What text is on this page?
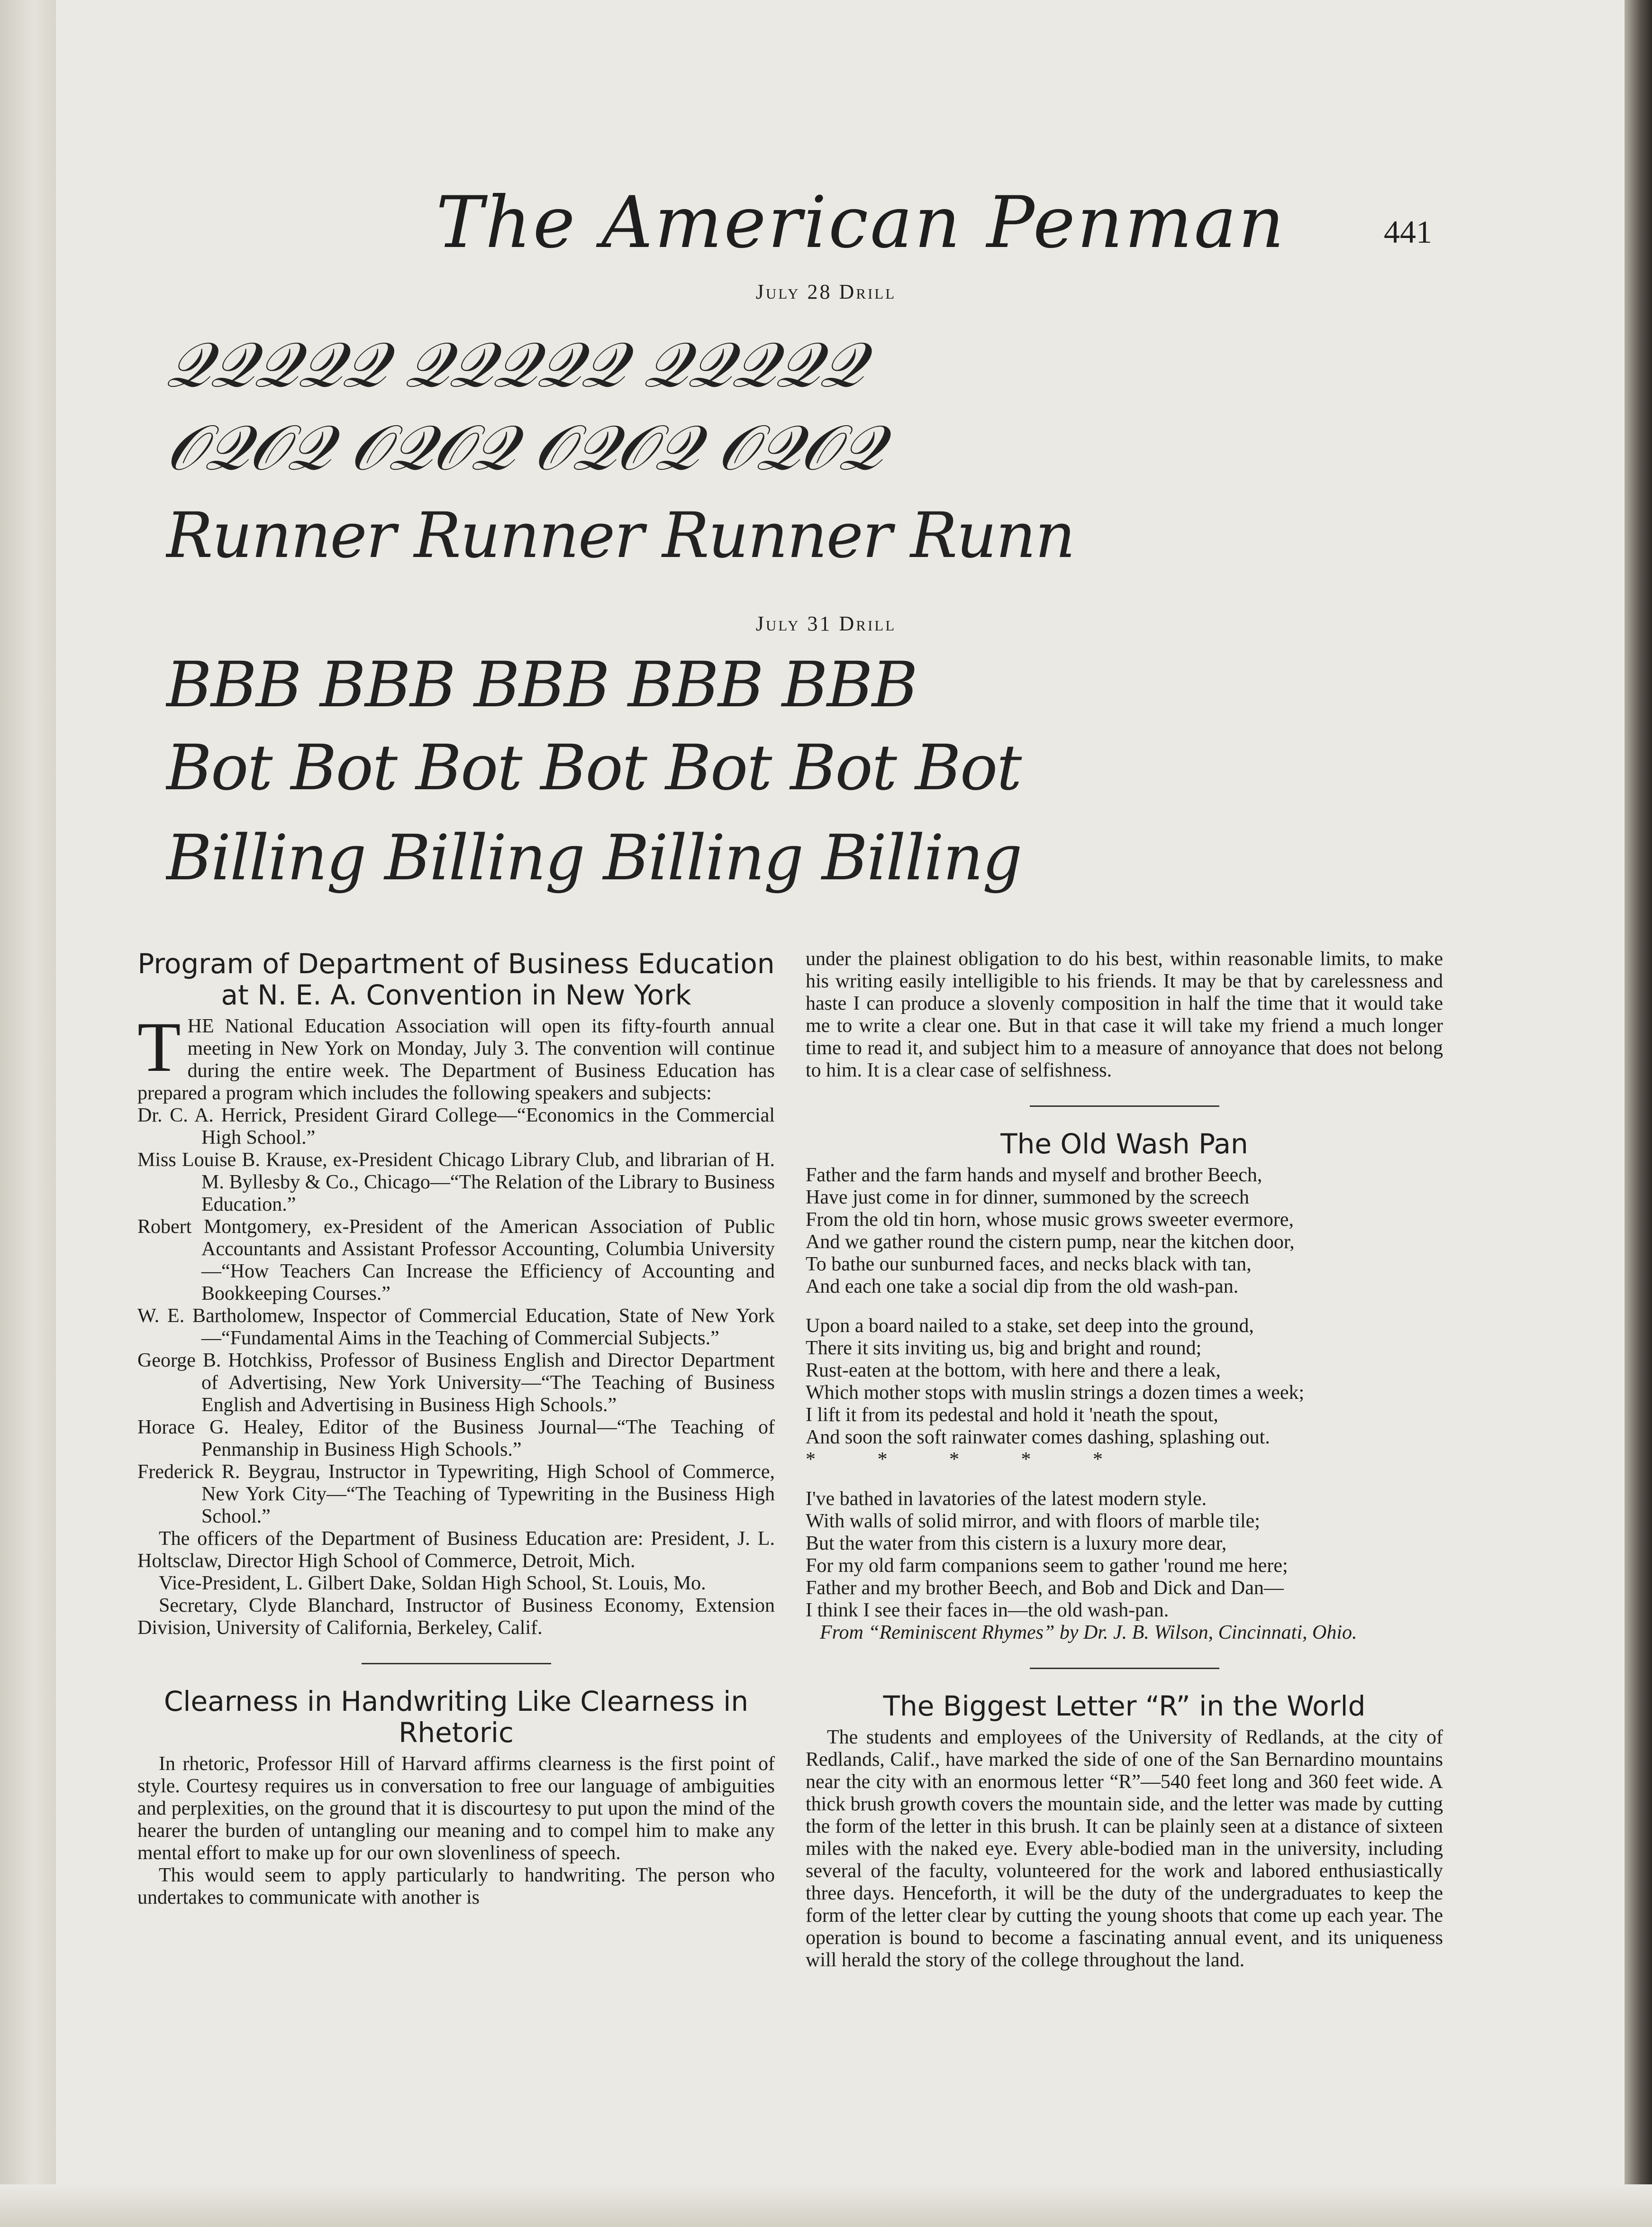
The American Penman	441
July 28 Drill
𝒬𝒬𝒬𝒬𝒬 𝒬𝒬𝒬𝒬𝒬 𝒬𝒬𝒬𝒬𝒬
𝒪𝒬𝒪𝒬 𝒪𝒬𝒪𝒬 𝒪𝒬𝒪𝒬 𝒪𝒬𝒪𝒬
Runner Runner Runner Runn
July 31 Drill
BBB BBB BBB BBB BBB
Bot Bot Bot Bot Bot Bot Bot
Billing Billing Billing Billing
Program of Department of Business Education at N. E. A. Convention in New York

THE National Education Association will open its fifty-fourth annual meeting in New York on Monday, July 3. The convention will continue during the entire week. The Department of Business Education has prepared a program which includes the following speakers and subjects:

Dr. C. A. Herrick, President Girard College—“Economics in the Commercial High School.”

Miss Louise B. Krause, ex-President Chicago Library Club, and librarian of H. M. Byllesby & Co., Chicago—“The Relation of the Library to Business Education.”

Robert Montgomery, ex-President of the American Association of Public Accountants and Assistant Professor Accounting, Columbia University—“How Teachers Can Increase the Efficiency of Accounting and Bookkeeping Courses.”

W. E. Bartholomew, Inspector of Commercial Education, State of New York—“Fundamental Aims in the Teaching of Commercial Subjects.”

George B. Hotchkiss, Professor of Business English and Director Department of Advertising, New York University—“The Teaching of Business English and Advertising in Business High Schools.”

Horace G. Healey, Editor of the Business Journal—“The Teaching of Penmanship in Business High Schools.”

Frederick R. Beygrau, Instructor in Typewriting, High School of Commerce, New York City—“The Teaching of Typewriting in the Business High School.”

The officers of the Department of Business Education are: President, J. L. Holtsclaw, Director High School of Commerce, Detroit, Mich.

Vice-President, L. Gilbert Dake, Soldan High School, St. Louis, Mo.

Secretary, Clyde Blanchard, Instructor of Business Economy, Extension Division, University of California, Berkeley, Calif.

Clearness in Handwriting Like Clearness in Rhetoric

In rhetoric, Professor Hill of Harvard affirms clearness is the first point of style. Courtesy requires us in conversation to free our language of ambiguities and perplexities, on the ground that it is discourtesy to put upon the mind of the hearer the burden of untangling our meaning and to compel him to make any mental effort to make up for our own slovenliness of speech.

This would seem to apply particularly to handwriting. The person who undertakes to communicate with another is

under the plainest obligation to do his best, within reasonable limits, to make his writing easily intelligible to his friends. It may be that by carelessness and haste I can produce a slovenly composition in half the time that it would take me to write a clear one. But in that case it will take my friend a much longer time to read it, and subject him to a measure of annoyance that does not belong to him. It is a clear case of selfishness.

The Old Wash Pan

Father and the farm hands and myself and brother Beech,

Have just come in for dinner, summoned by the screech

From the old tin horn, whose music grows sweeter evermore,

And we gather round the cistern pump, near the kitchen door,

To bathe our sunburned faces, and necks black with tan,

And each one take a social dip from the old wash-pan.

Upon a board nailed to a stake, set deep into the ground,

There it sits inviting us, big and bright and round;

Rust-eaten at the bottom, with here and there a leak,

Which mother stops with muslin strings a dozen times a week;

I lift it from its pedestal and hold it 'neath the spout,

And soon the soft rainwater comes dashing, splashing out.

* * * * *

I've bathed in lavatories of the latest modern style.

With walls of solid mirror, and with floors of marble tile;

But the water from this cistern is a luxury more dear,

For my old farm companions seem to gather 'round me here;

Father and my brother Beech, and Bob and Dick and Dan—

I think I see their faces in—the old wash-pan.

From “Reminiscent Rhymes” by Dr. J. B. Wilson, Cincinnati, Ohio.

The Biggest Letter “R” in the World

The students and employees of the University of Redlands, at the city of Redlands, Calif., have marked the side of one of the San Bernardino mountains near the city with an enormous letter “R”—540 feet long and 360 feet wide. A thick brush growth covers the mountain side, and the letter was made by cutting the form of the letter in this brush. It can be plainly seen at a distance of sixteen miles with the naked eye. Every able-bodied man in the university, including several of the faculty, volunteered for the work and labored enthusiastically three days. Henceforth, it will be the duty of the undergraduates to keep the form of the letter clear by cutting the young shoots that come up each year. The operation is bound to become a fascinating annual event, and its uniqueness will herald the story of the college throughout the land.
